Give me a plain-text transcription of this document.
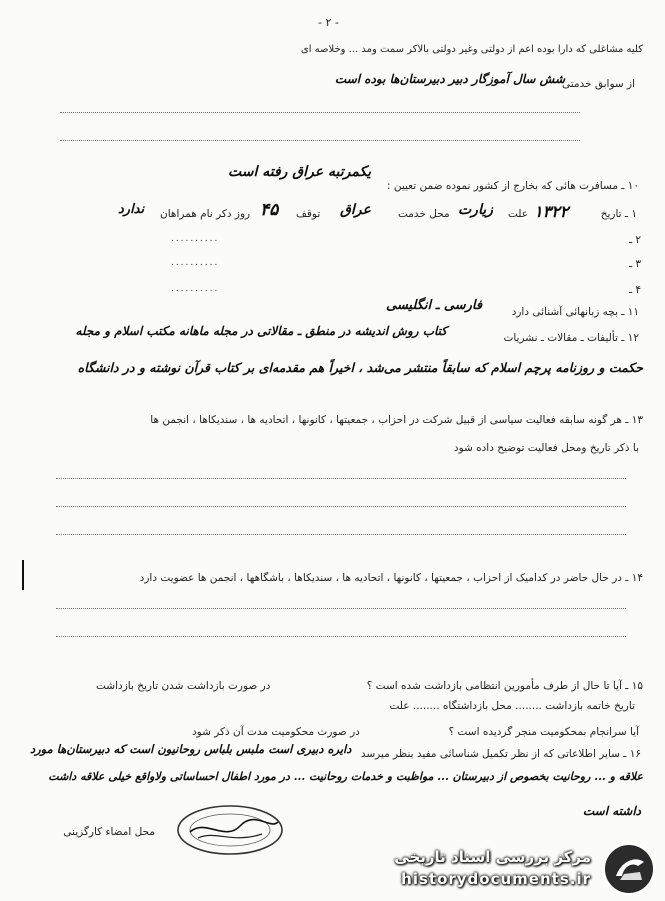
- ۲ -
کلیه مشاغلی که دارا بوده اعم از دولتی وغیر دولتی بالاکر سمت ومد ... وخلاصه ای
از سوابق خدمتی
شش سال آموزگار دبیر دبیرستان‌ها بوده است
یکمرتبه عراق رفته است
۱۰ ـ مسافرت هائی که بخارج از کشور نموده ضمن تعیین :
۱ ـ تاریخ
۱۳۲۲
علت
زیارت
محل خدمت
عراق
توقف
۴۵
روز دکر نام همراهان
ندارد
۲ ـ
۳ ـ
۴ ـ
٠٠٠٠٠٠٠٠٠٠
٠٠٠٠٠٠٠٠٠٠
٠٠٠٠٠٠٠٠٠٠
۱۱ ـ بچه زبانهائی آشنائی دارد
فارسی ـ انگلیسی
۱۲ ـ تألیفات ـ مقالات ـ نشریات
کتاب روش اندیشه در منطق ـ مقالاتی در مجله ماهانه مکتب اسلام و مجله
حکمت و روزنامه پرچم اسلام که سابقاً منتشر می‌شد ، اخیراً هم مقدمه‌ای بر کتاب قرآن نوشته و در دانشگاه
۱۳ ـ هر گونه سابقه فعالیت سیاسی از قبیل شرکت در احزاب ، جمعیتها ، کانونها ، اتحادیه ها ، سندیکاها ، انجمن ها
با ذکر تاریخ ومحل فعالیت توضیح داده شود
۱۴ ـ در حال حاضر در کدامیک از احزاب ، جمعیتها ، کانونها ، اتحادیه ها ، سندیکاها ، باشگاهها ، انجمن ها عضویت دارد
۱۵ ـ آیا تا حال از طرف مأمورین انتظامی بازداشت شده است ؟
در صورت بازداشت شدن تاریخ بازداشت
تاریخ خاتمه بازداشت ........ محل بازداشتگاه ........ علت
آیا سرانجام بمحکومیت منجر گردیده است ؟
در صورت محکومیت مدت آن ذکر شود
۱۶ ـ سایر اطلاعاتی که از نظر تکمیل شناسائی مفید بنظر میرسد
دایره دبیری است ملبس بلباس روحانیون است که دبیرستان‌ها مورد
علاقه و ... روحانیت بخصوص از دبیرستان ... مواظبت و خدمات روحانیت ... در مورد اطفال احساساتی ولاواقع خیلی علاقه داشت
داشته است
محل امضاء کارگزینی
مرکز بررسی اسناد تاریخی
historydocuments.ir
